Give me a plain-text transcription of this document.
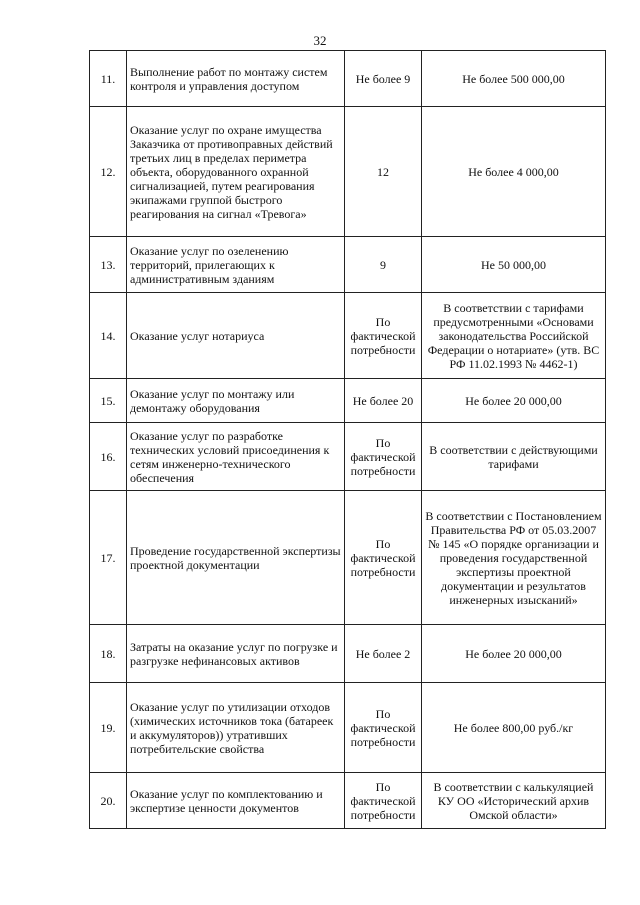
32
11.	Выполнение работ по монтажу систем контроля и управления доступом	Не более 9	Не более 500 000,00
12.	Оказание услуг по охране имущества Заказчика от противоправных действий третьих лиц в пределах периметра объекта, оборудованного охранной сигнализацией, путем реагирования экипажами группой быстрого реагирования на сигнал «Тревога»	12	Не более 4 000,00
13.	Оказание услуг по озеленению территорий, прилегающих к административным зданиям	9	Не 50 000,00
14.	Оказание услуг нотариуса	По фактической потребности	В соответствии с тарифами предусмотренными «Основами законодательства Российской Федерации о нотариате» (утв. ВС РФ 11.02.1993 № 4462-1)
15.	Оказание услуг по монтажу или демонтажу оборудования	Не более 20	Не более 20 000,00
16.	Оказание услуг по разработке технических условий присоединения к сетям инженерно-технического обеспечения	По фактической потребности	В соответствии с действующими тарифами
17.	Проведение государственной экспертизы проектной документации	По фактической потребности	В соответствии с Постановлением Правительства РФ от 05.03.2007 № 145 «О порядке организации и проведения государственной экспертизы проектной документации и результатов инженерных изысканий»
18.	Затраты на оказание услуг по погрузке и разгрузке нефинансовых активов	Не более 2	Не более 20 000,00
19.	Оказание услуг по утилизации отходов (химических источников тока (батареек и аккумуляторов)) утративших потребительские свойства	По фактической потребности	Не более 800,00 руб./кг
20.	Оказание услуг по комплектованию и экспертизе ценности документов	По фактической потребности	В соответствии с калькуляцией КУ ОО «Исторический архив Омской области»
